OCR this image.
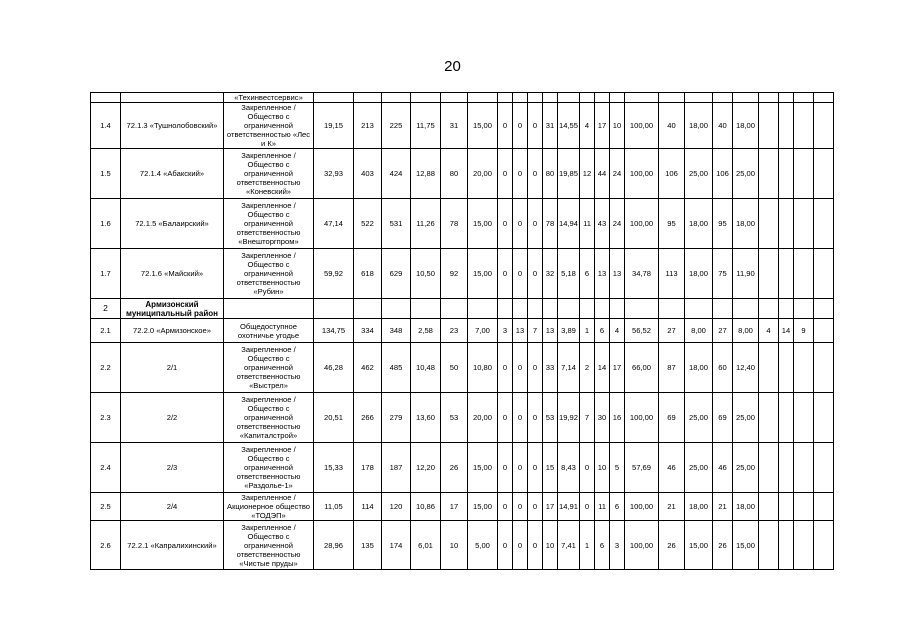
20
		«Техинвестсервис»																							
1.4	72.1.3 «Тушнолобовский»	Закрепленное /Общество с ограниченной ответственностью «Лес и К»	19,15	213	225	11,75	31	15,00	0	0	0	31	14,55	4	17	10	100,00	40	18,00	40	18,00				
1.5	72.1.4 «Абакский»	Закрепленное / Общество с ограниченной ответственностью «Коневский»	32,93	403	424	12,88	80	20,00	0	0	0	80	19,85	12	44	24	100,00	106	25,00	106	25,00				
1.6	72.1.5 «Балаирский»	Закрепленное / Общество с ограниченной ответственностью «Внешторгпром»	47,14	522	531	11,26	78	15,00	0	0	0	78	14,94	11	43	24	100,00	95	18,00	95	18,00				
1.7	72.1.6 «Майский»	Закрепленное / Общество с ограниченной ответственностью «Рубин»	59,92	618	629	10,50	92	15,00	0	0	0	32	5,18	6	13	13	34,78	113	18,00	75	11,90				
2	Армизонский муниципальный район																								
2.1	72.2.0 «Армизонское»	Общедоступное охотничье угодье	134,75	334	348	2,58	23	7,00	3	13	7	13	3,89	1	6	4	56,52	27	8,00	27	8,00	4	14	9	
2.2	2/1	Закрепленное / Общество с ограниченной ответственностью «Выстрел»	46,28	462	485	10,48	50	10,80	0	0	0	33	7,14	2	14	17	66,00	87	18,00	60	12,40				
2.3	2/2	Закрепленное / Общество с ограниченной ответственностью «Капиталстрой»	20,51	266	279	13,60	53	20,00	0	0	0	53	19,92	7	30	16	100,00	69	25,00	69	25,00				
2.4	2/3	Закрепленное / Общество с ограниченной ответственностью «Раздолье-1»	15,33	178	187	12,20	26	15,00	0	0	0	15	8,43	0	10	5	57,69	46	25,00	46	25,00				
2.5	2/4	Закрепленное / Акционерное общество «ТОДЭП»	11,05	114	120	10,86	17	15,00	0	0	0	17	14,91	0	11	6	100,00	21	18,00	21	18,00				
2.6	72.2.1 «Капралихинский»	Закрепленное / Общество с ограниченной ответственностью «Чистые пруды»	28,96	135	174	6,01	10	5,00	0	0	0	10	7,41	1	6	3	100,00	26	15,00	26	15,00				
